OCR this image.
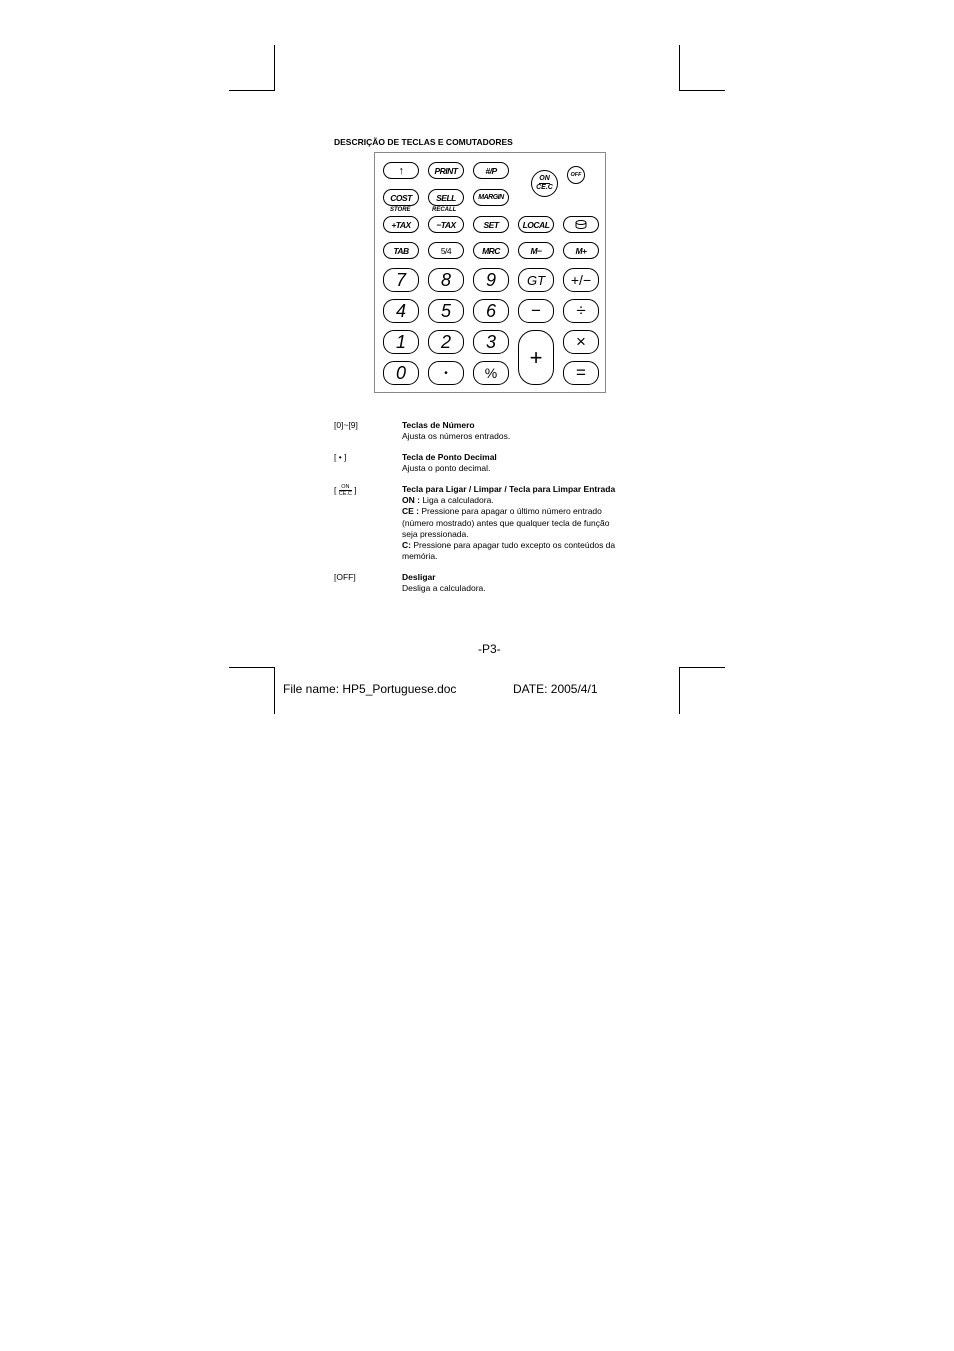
DESCRIÇÃO DE TECLAS E COMUTADORES
↑	PRINT	#/P
ON
CE.C
OFF
COST	SELL	MARGIN
STORE	RECALL
+TAX	−TAX	SET	LOCAL
TAB	5/4	MRC	M−	M+
7	8	9	GT	+/−
4	5	6	−	÷
1	2	3
+
×
0	•	%	=
[0]~[9]	Teclas de Número
Ajusta os números entrados.
[ • ]	Tecla de Ponto Decimal
Ajusta o ponto decimal.
[ $\frac{ON}{CE.C}$ ]	Tecla para Ligar / Limpar / Tecla para Limpar Entrada
ON : Liga a calculadora.
CE : Pressione para apagar o último número entrado
(número mostrado) antes que qualquer tecla de função
seja pressionada.
C: Pressione para apagar tudo excepto os conteúdos da
memória.
[OFF]	Desligar
Desliga a calculadora.
-P3-
File name: HP5_Portuguese.doc	DATE: 2005/4/1
